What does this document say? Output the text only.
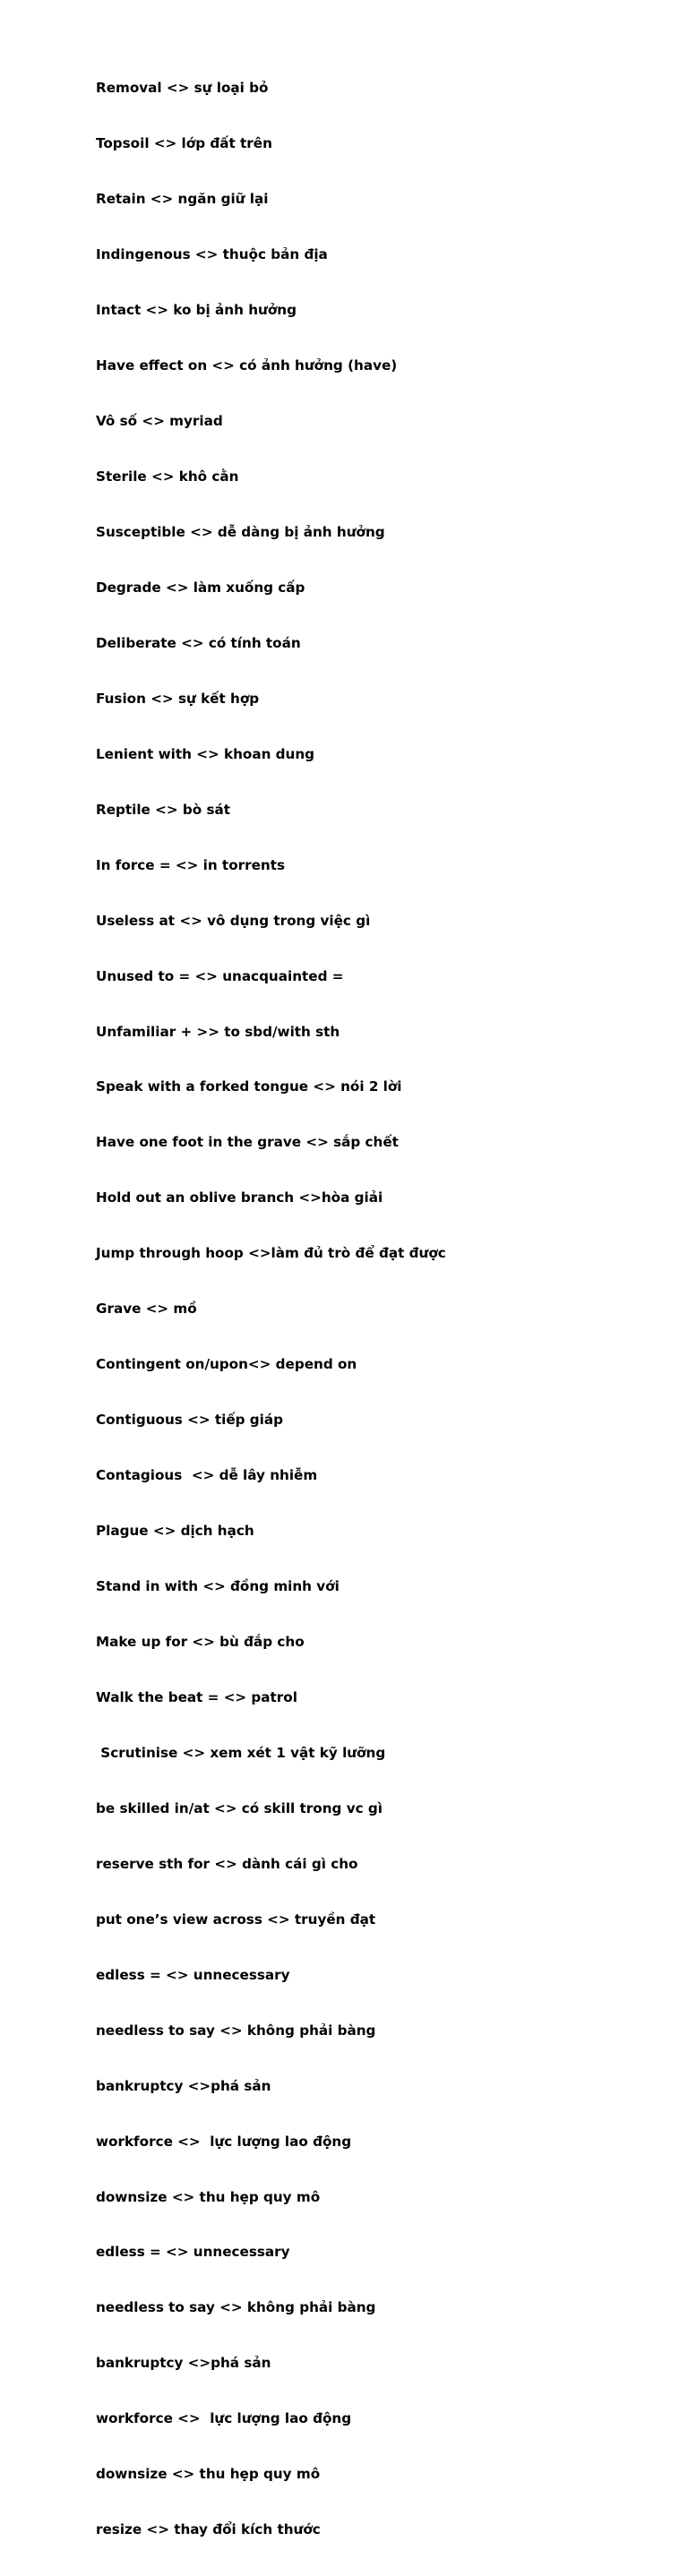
Removal <> sự loại bỏ

Topsoil <> lớp đất trên

Retain <> ngăn giữ lại

Indingenous <> thuộc bản địa

Intact <> ko bị ảnh hưởng

Have effect on <> có ảnh hưởng (have)

Vô số <> myriad

Sterile <> khô cằn

Susceptible <> dễ dàng bị ảnh hưởng

Degrade <> làm xuống cấp

Deliberate <> có tính toán

Fusion <> sự kết hợp

Lenient with <> khoan dung

Reptile <> bò sát

In force = <> in torrents

Useless at <> vô dụng trong việc gì

Unused to = <> unacquainted =

Unfamiliar + >> to sbd/with sth

Speak with a forked tongue <> nói 2 lời

Have one foot in the grave <> sắp chết

Hold out an oblive branch <>hòa giải

Jump through hoop <>làm đủ trò để đạt được

Grave <> mồ

Contingent on/upon<> depend on

Contiguous <> tiếp giáp

Contagious  <> dễ lây nhiễm

Plague <> dịch hạch

Stand in with <> đồng minh với

Make up for <> bù đắp cho

Walk the beat = <> patrol

Scrutinise <> xem xét 1 vật kỹ lưỡng

be skilled in/at <> có skill trong vc gì

reserve sth for <> dành cái gì cho

put one’s view across <> truyền đạt

edless = <> unnecessary

needless to say <> không phải bàng

bankruptcy <>phá sản

workforce <>  lực lượng lao động

downsize <> thu hẹp quy mô

edless = <> unnecessary

needless to say <> không phải bàng

bankruptcy <>phá sản

workforce <>  lực lượng lao động

downsize <> thu hẹp quy mô

resize <> thay đổi kích thước
